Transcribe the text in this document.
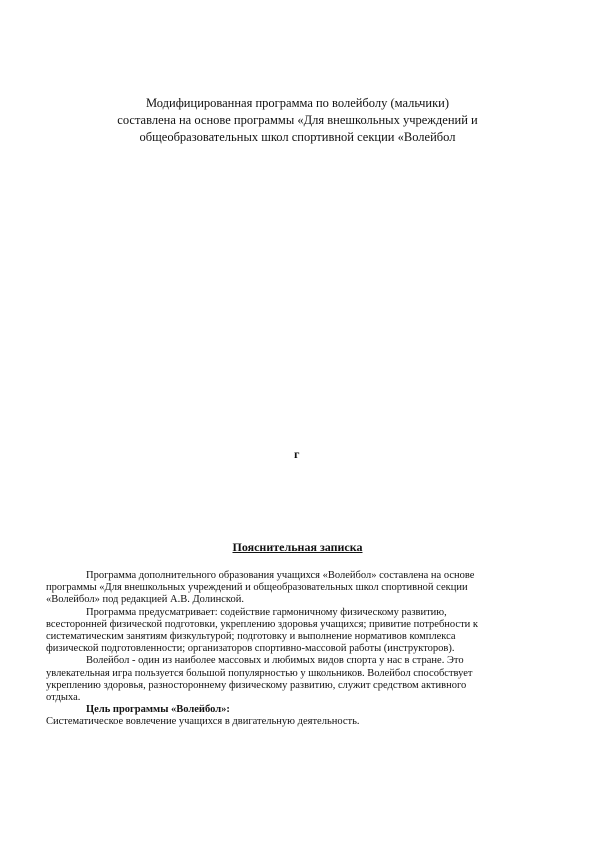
Модифицированная программа по волейболу (мальчики)
составлена на основе программы «Для внешкольных учреждений и
общеобразовательных школ спортивной секции «Волейбол
г
Пояснительная записка

Программа дополнительного образования учащихся «Волейбол» составлена на основе

программы «Для внешкольных учреждений и общеобразовательных школ спортивной секции

«Волейбол» под редакцией А.В. Долинской.

Программа предусматривает: содействие гармоничному физическому развитию,

всесторонней физической подготовки, укреплению здоровья учащихся; привитие потребности к

систематическим занятиям физкультурой; подготовку и выполнение нормативов комплекса

физической подготовленности; организаторов спортивно-массовой работы (инструкторов).

Волейбол - один из наиболее массовых и любимых видов спорта у нас в стране. Это

увлекательная игра пользуется большой популярностью у школьников. Волейбол способствует

укреплению здоровья, разностороннему физическому развитию, служит средством активного

отдыха.

Цель программы «Волейбол»:

Систематическое вовлечение учащихся в двигательную деятельность.
